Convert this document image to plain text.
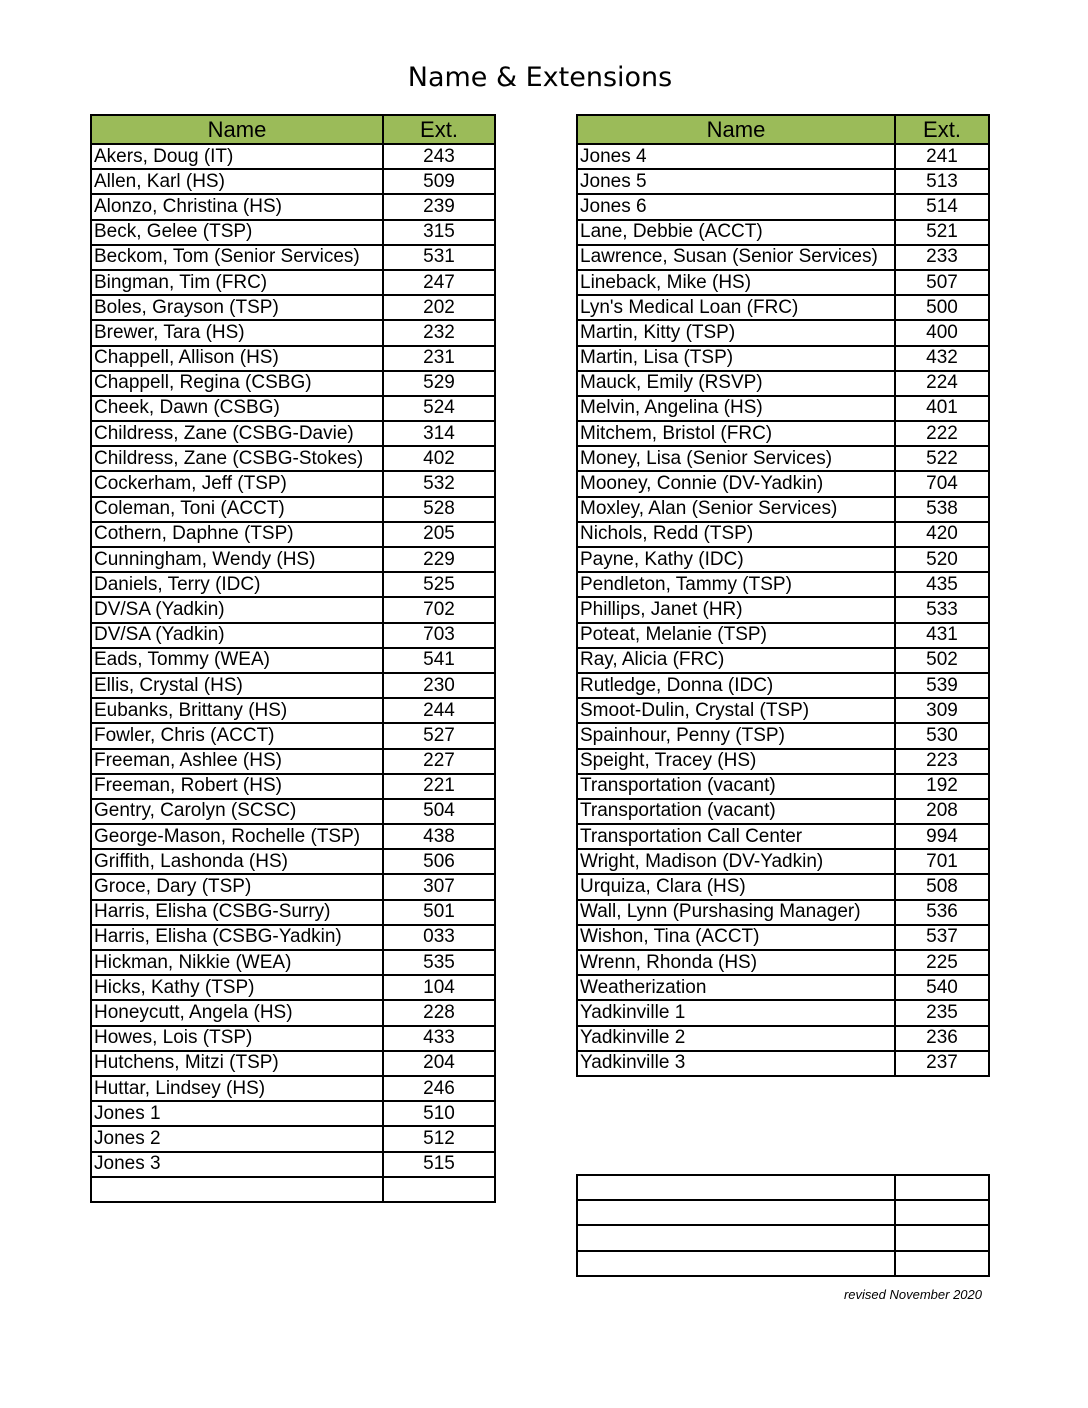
Name & Extensions
Name	Ext.
Akers, Doug (IT)	243
Allen, Karl (HS)	509
Alonzo, Christina (HS)	239
Beck, Gelee (TSP)	315
Beckom, Tom (Senior Services)	531
Bingman, Tim (FRC)	247
Boles, Grayson (TSP)	202
Brewer, Tara (HS)	232
Chappell, Allison (HS)	231
Chappell, Regina (CSBG)	529
Cheek, Dawn (CSBG)	524
Childress, Zane (CSBG-Davie)	314
Childress, Zane (CSBG-Stokes)	402
Cockerham, Jeff (TSP)	532
Coleman, Toni (ACCT)	528
Cothern, Daphne (TSP)	205
Cunningham, Wendy (HS)	229
Daniels, Terry (IDC)	525
DV/SA (Yadkin)	702
DV/SA (Yadkin)	703
Eads, Tommy (WEA)	541
Ellis, Crystal (HS)	230
Eubanks, Brittany (HS)	244
Fowler, Chris (ACCT)	527
Freeman, Ashlee (HS)	227
Freeman, Robert (HS)	221
Gentry, Carolyn (SCSC)	504
George-Mason, Rochelle (TSP)	438
Griffith, Lashonda (HS)	506
Groce, Dary (TSP)	307
Harris, Elisha (CSBG-Surry)	501
Harris, Elisha (CSBG-Yadkin)	033
Hickman, Nikkie (WEA)	535
Hicks, Kathy (TSP)	104
Honeycutt, Angela (HS)	228
Howes, Lois (TSP)	433
Hutchens, Mitzi (TSP)	204
Huttar, Lindsey (HS)	246
Jones 1	510
Jones 2	512
Jones 3	515

Name	Ext.
Jones 4	241
Jones 5	513
Jones 6	514
Lane, Debbie (ACCT)	521
Lawrence, Susan (Senior Services)	233
Lineback, Mike (HS)	507
Lyn's Medical Loan (FRC)	500
Martin, Kitty (TSP)	400
Martin, Lisa (TSP)	432
Mauck, Emily (RSVP)	224
Melvin, Angelina (HS)	401
Mitchem, Bristol (FRC)	222
Money, Lisa (Senior Services)	522
Mooney, Connie (DV-Yadkin)	704
Moxley, Alan (Senior Services)	538
Nichols, Redd (TSP)	420
Payne, Kathy (IDC)	520
Pendleton, Tammy (TSP)	435
Phillips, Janet (HR)	533
Poteat, Melanie (TSP)	431
Ray, Alicia (FRC)	502
Rutledge, Donna (IDC)	539
Smoot-Dulin, Crystal (TSP)	309
Spainhour, Penny (TSP)	530
Speight, Tracey (HS)	223
Transportation (vacant)	192
Transportation (vacant)	208
Transportation Call Center	994
Wright, Madison (DV-Yadkin)	701
Urquiza, Clara (HS)	508
Wall, Lynn (Purshasing Manager)	536
Wishon, Tina (ACCT)	537
Wrenn, Rhonda (HS)	225
Weatherization	540
Yadkinville 1	235
Yadkinville 2	236
Yadkinville 3	237

revised November 2020
